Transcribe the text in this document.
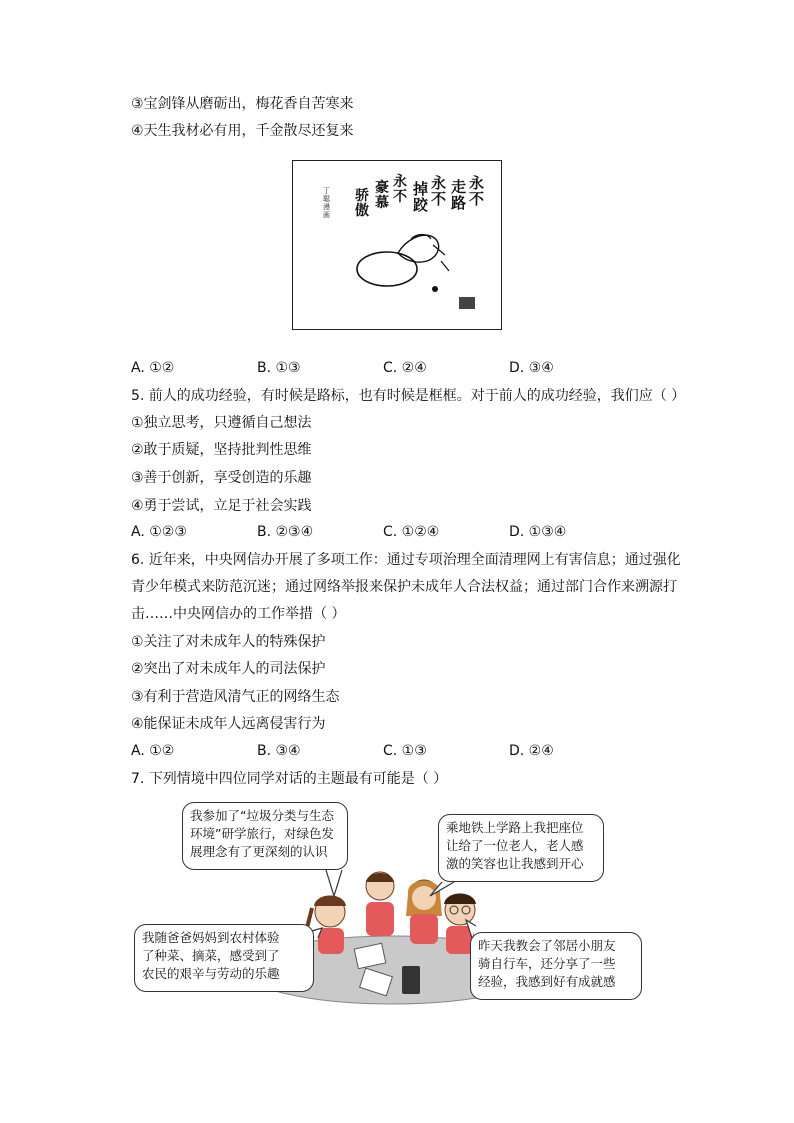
③宝剑锋从磨砺出，梅花香自苦寒来
④天生我材必有用，千金散尽还复来
永不
走路
永不
掉跤
永不
豪慕
骄傲
丁聪漫画
A. ①②	B. ①③	C. ②④	D. ③④
5. 前人的成功经验，有时候是路标，也有时候是框框。对于前人的成功经验，我们应（ ）
①独立思考，只遵循自己想法
②敢于质疑，坚持批判性思维
③善于创新，享受创造的乐趣
④勇于尝试，立足于社会实践
A. ①②③	B. ②③④	C. ①②④	D. ①③④
6. 近年来，中央网信办开展了多项工作：通过专项治理全面清理网上有害信息；通过强化
青少年模式来防范沉迷；通过网络举报来保护未成年人合法权益；通过部门合作来溯源打
击……中央网信办的工作举措（ ）
①关注了对未成年人的特殊保护
②突出了对未成年人的司法保护
③有利于营造风清气正的网络生态
④能保证未成年人远离侵害行为
A. ①②	B. ③④	C. ①③	D. ②④
7. 下列情境中四位同学对话的主题最有可能是（ ）
我参加了“垃圾分类与生态
环境”研学旅行，对绿色发
展理念有了更深刻的认识
乘地铁上学路上我把座位
让给了一位老人，老人感
激的笑容也让我感到开心
我随爸爸妈妈到农村体验
了种菜、摘菜，感受到了
农民的艰辛与劳动的乐趣
昨天我教会了邻居小朋友
骑自行车，还分享了一些
经验，我感到好有成就感
